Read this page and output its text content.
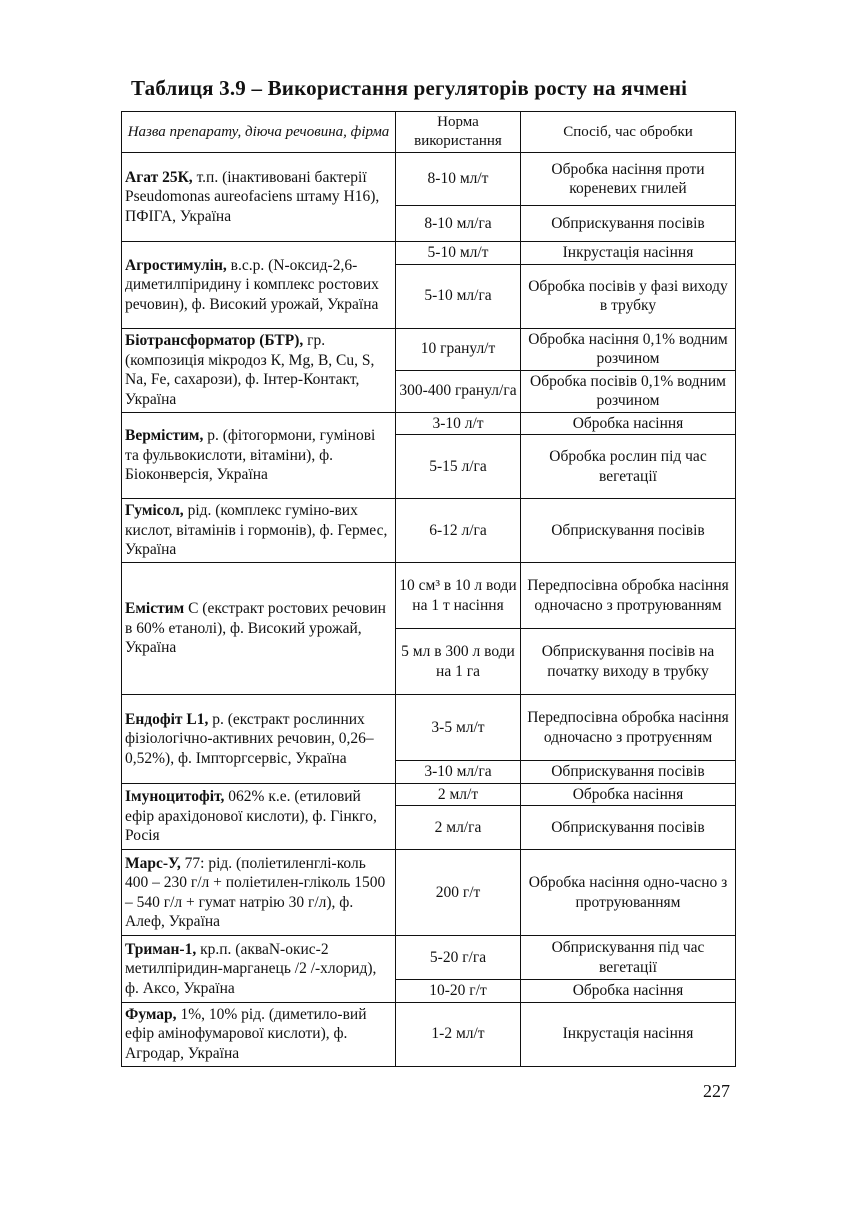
Таблиця 3.9 – Використання регуляторів росту на ячмені
Назва препарату, діюча речовина, фірма	Норма використання	Спосіб, час обробки
Агат 25К, т.п. (інактивовані бактерії Pseudomonas aureofaciens штаму Н16), ПФІГА, Україна	8-10 мл/т	Обробка насіння проти кореневих гнилей
	8-10 мл/га	Обприскування посівів
Агростимулін, в.с.р. (N-оксид-2,6-диметилпіридину і комплекс ростових речовин), ф. Високий урожай, Україна	5-10 мл/т	Інкрустація насіння
	5-10 мл/га	Обробка посівів у фазі виходу в трубку
Біотрансформатор (БТР), гр. (композиція мікродоз К, Mg, В, Cu, S, Na, Fe, сахарози), ф. Інтер-Контакт, Україна	10 гранул/т	Обробка насіння 0,1% водним розчином
	300-400 гранул/га	Обробка посівів 0,1% водним розчином
Вермістим, р. (фітогормони, гумінові та фульвокислоти, вітаміни), ф. Біоконверсія, Україна	3-10 л/т	Обробка насіння
	5-15 л/га	Обробка рослин під час вегетації
Гумісол, рід. (комплекс гуміно-вих кислот, вітамінів і гормонів), ф. Гермес, Україна	6-12 л/га	Обприскування посівів
Емістим С (екстракт ростових речовин в 60% етанолі), ф. Високий урожай, Україна	10 см³ в 10 л води на 1 т насіння	Передпосівна обробка насіння одночасно з протруюванням
	5 мл в 300 л води на 1 га	Обприскування посівів на початку виходу в трубку
Ендофіт L1, р. (екстракт рослинних фізіологічно-активних речовин, 0,26–0,52%), ф. Імпторгсервіс, Україна	3-5 мл/т	Передпосівна обробка насіння одночасно з протруєнням
	3-10 мл/га	Обприскування посівів
Імуноцитофіт, 062% к.е. (етиловий ефір арахідонової кислоти), ф. Гінкго, Росія	2 мл/т	Обробка насіння
	2 мл/га	Обприскування посівів
Марс-У, 77: рід. (поліетиленглі-коль 400 – 230 г/л + поліетилен-гліколь 1500 – 540 г/л + гумат натрію 30 г/л), ф. Алеф, Україна	200 г/т	Обробка насіння одно-часно з протруюванням
Триман-1, кр.п. (акваN-окис-2 метилпіридин-марганець /2 /-хлорид), ф. Аксо, Україна	5-20 г/га	Обприскування під час вегетації
	10-20 г/т	Обробка насіння
Фумар, 1%, 10% рід. (диметило-вий ефір амінофумарової кислоти), ф. Агродар, Україна	1-2 мл/т	Інкрустація насіння
227
